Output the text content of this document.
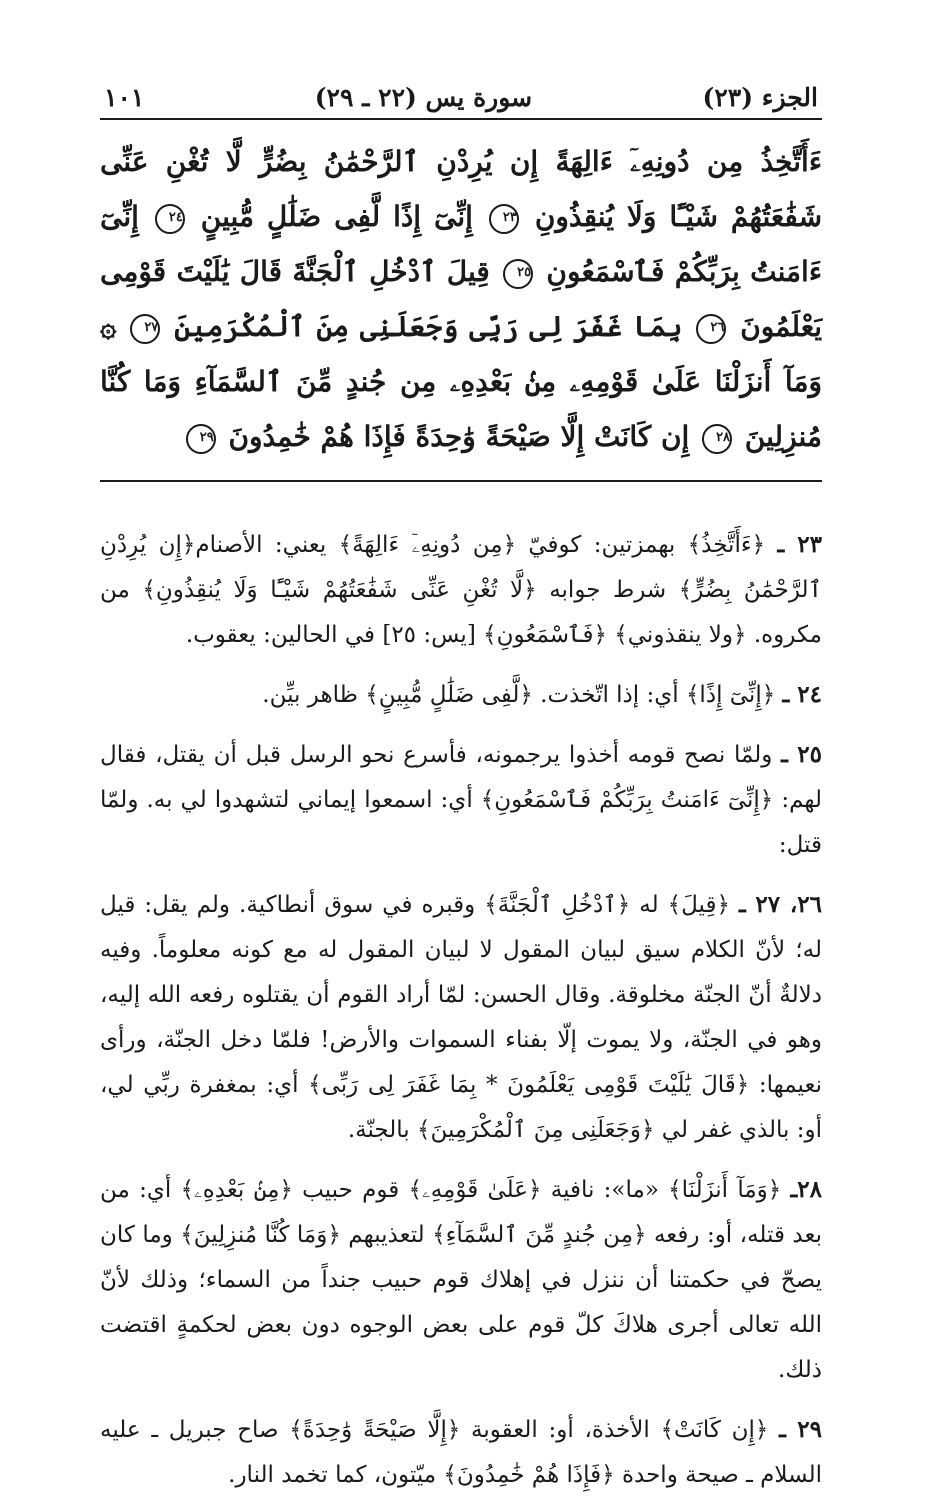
الجزء (٢٣)
سورة يس (٢٢ ـ ٢٩)
١٠١
ءَأَتَّخِذُ مِن دُونِهِۦٓ ءَالِهَةً إِن يُرِدْنِ ٱلرَّحْمَٰنُ بِضُرٍّ لَّا تُغْنِ عَنِّى شَفَٰعَتُهُمْ شَيْـًٔا وَلَا يُنقِذُونِ ٢٣ إِنِّىٓ إِذًا لَّفِى ضَلَٰلٍ مُّبِينٍ ٢٤ إِنِّىٓ ءَامَنتُ بِرَبِّكُمْ فَٱسْمَعُونِ ٢٥ قِيلَ ٱدْخُلِ ٱلْجَنَّةَ قَالَ يَٰلَيْتَ قَوْمِى يَعْلَمُونَ ٢٦ بِمَا غَفَرَ لِى رَبِّى وَجَعَلَنِى مِنَ ٱلْمُكْرَمِينَ ٢٧ ۞ وَمَآ أَنزَلْنَا عَلَىٰ قَوْمِهِۦ مِنۢ بَعْدِهِۦ مِن جُندٍ مِّنَ ٱلسَّمَآءِ وَمَا كُنَّا مُنزِلِينَ ٢٨ إِن كَانَتْ إِلَّا صَيْحَةً وَٰحِدَةً فَإِذَا هُمْ خَٰمِدُونَ ٢٩

٢٣ ـ ﴿ءَأَتَّخِذُ﴾ بهمزتين: كوفيّ ﴿مِن دُونِهِۦٓ ءَالِهَةً﴾ يعني: الأصنام﴿إِن يُرِدْنِ ٱلرَّحْمَٰنُ بِضُرٍّ﴾ شرط جوابه ﴿لَّا تُغْنِ عَنِّى شَفَٰعَتُهُمْ شَيْـًٔا وَلَا يُنقِذُونِ﴾ من مكروه. ﴿ولا ينقذوني﴾ ﴿فَٱسْمَعُونِ﴾ [يس: ٢٥] في الحالين: يعقوب.

٢٤ ـ ﴿إِنِّىٓ إِذًا﴾ أي: إذا اتّخذت. ﴿لَّفِى ضَلَٰلٍ مُّبِينٍ﴾ ظاهر بيِّن.

٢٥ ـ ولمّا نصح قومه أخذوا يرجمونه، فأسرع نحو الرسل قبل أن يقتل، فقال لهم: ﴿إِنِّىٓ ءَامَنتُ بِرَبِّكُمْ فَٱسْمَعُونِ﴾ أي: اسمعوا إيماني لتشهدوا لي به. ولمّا قتل:

٢٦، ٢٧ ـ ﴿قِيلَ﴾ له ﴿ٱدْخُلِ ٱلْجَنَّةَ﴾ وقبره في سوق أنطاكية. ولم يقل: قيل له؛ لأنّ الكلام سيق لبيان المقول لا لبيان المقول له مع كونه معلوماً. وفيه دلالةٌ أنّ الجنّة مخلوقة. وقال الحسن: لمّا أراد القوم أن يقتلوه رفعه الله إليه، وهو في الجنّة، ولا يموت إلّا بفناء السموات والأرض! فلمّا دخل الجنّة، ورأى نعيمها: ﴿قَالَ يَٰلَيْتَ قَوْمِى يَعْلَمُونَ * بِمَا غَفَرَ لِى رَبِّى﴾ أي: بمغفرة ربِّي لي، أو: بالذي غفر لي ﴿وَجَعَلَنِى مِنَ ٱلْمُكْرَمِينَ﴾ بالجنّة.

٢٨ـ ﴿وَمَآ أَنزَلْنَا﴾ «ما»: نافية ﴿عَلَىٰ قَوْمِهِۦ﴾ قوم حبيب ﴿مِنۢ بَعْدِهِۦ﴾ أي: من بعد قتله، أو: رفعه ﴿مِن جُندٍ مِّنَ ٱلسَّمَآءِ﴾ لتعذيبهم ﴿وَمَا كُنَّا مُنزِلِينَ﴾ وما كان يصحّ في حكمتنا أن ننزل في إهلاك قوم حبيب جنداً من السماء؛ وذلك لأنّ الله تعالى أجرى هلاكَ كلّ قوم على بعض الوجوه دون بعض لحكمةٍ اقتضت ذلك.

٢٩ ـ ﴿إِن كَانَتْ﴾ الأخذة، أو: العقوبة ﴿إِلَّا صَيْحَةً وَٰحِدَةً﴾ صاح جبريل ـ عليه السلام ـ صيحة واحدة ﴿فَإِذَا هُمْ خَٰمِدُونَ﴾ ميّتون، كما تخمد النار.
